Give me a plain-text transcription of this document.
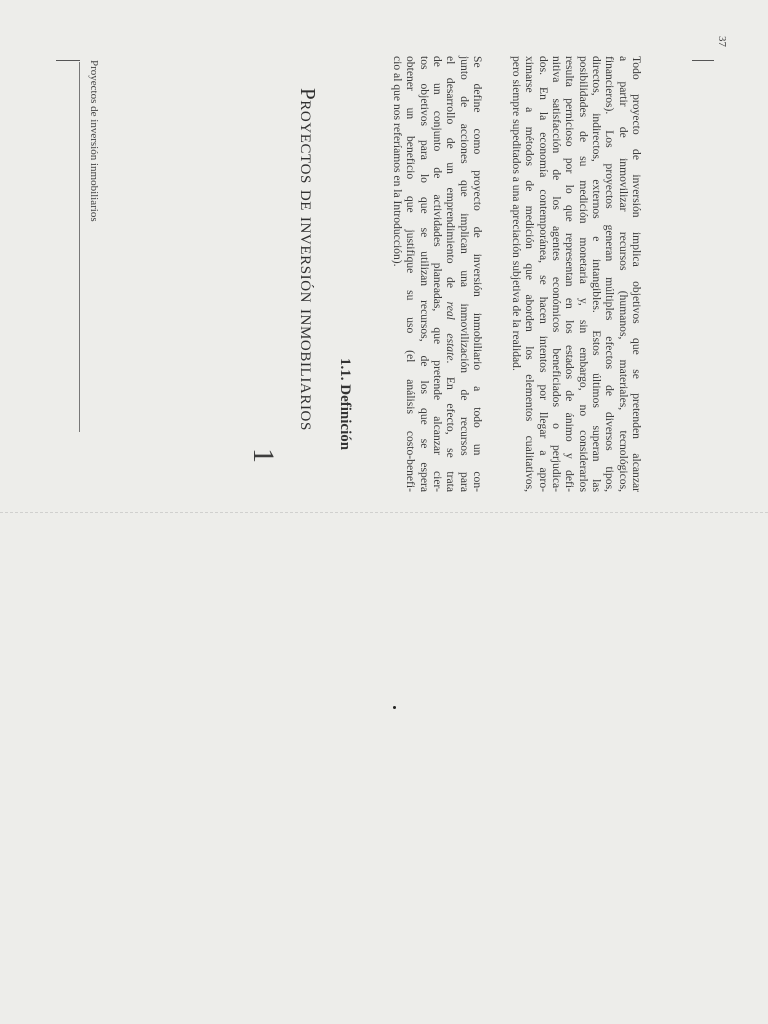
Proyectos de inversión inmobiliarios
37
1
Proyectos de inversión inmobiliarios 1.1. Definición	Se define como proyecto de inversión inmobiliario a todo un con-
junto de acciones que implican una inmovilización de recursos para
el desarrollo de un emprendimiento de real estate. En efecto, se trata
de un conjunto de actividades planeadas, que pretende alcanzar cier-
tos objetivos para lo que se utilizan recursos, de los que se espera
obtener un beneficio que justifique su uso (el análisis costo-benefi-
cio al que nos referíamos en la Introducción).	Todo proyecto de inversión implica objetivos que se pretenden alcanzar
a partir de inmovilizar recursos (humanos, materiales, tecnológicos,
financieros). Los proyectos generan múltiples efectos de diversos tipos,
directos, indirectos, externos e intangibles. Estos últimos superan las
posibilidades de su medición monetaria y, sin embargo, no considerarlos
resulta pernicioso por lo que representan en los estados de ánimo y defi-
nitiva satisfacción de los agentes económicos beneficiados o perjudica-
dos. En la economía contemporánea, se hacen intentos por llegar a apro-
ximarse a métodos de medición que aborden los elementos cualitativos,
pero siempre supeditados a una apreciación subjetiva de la realidad.
